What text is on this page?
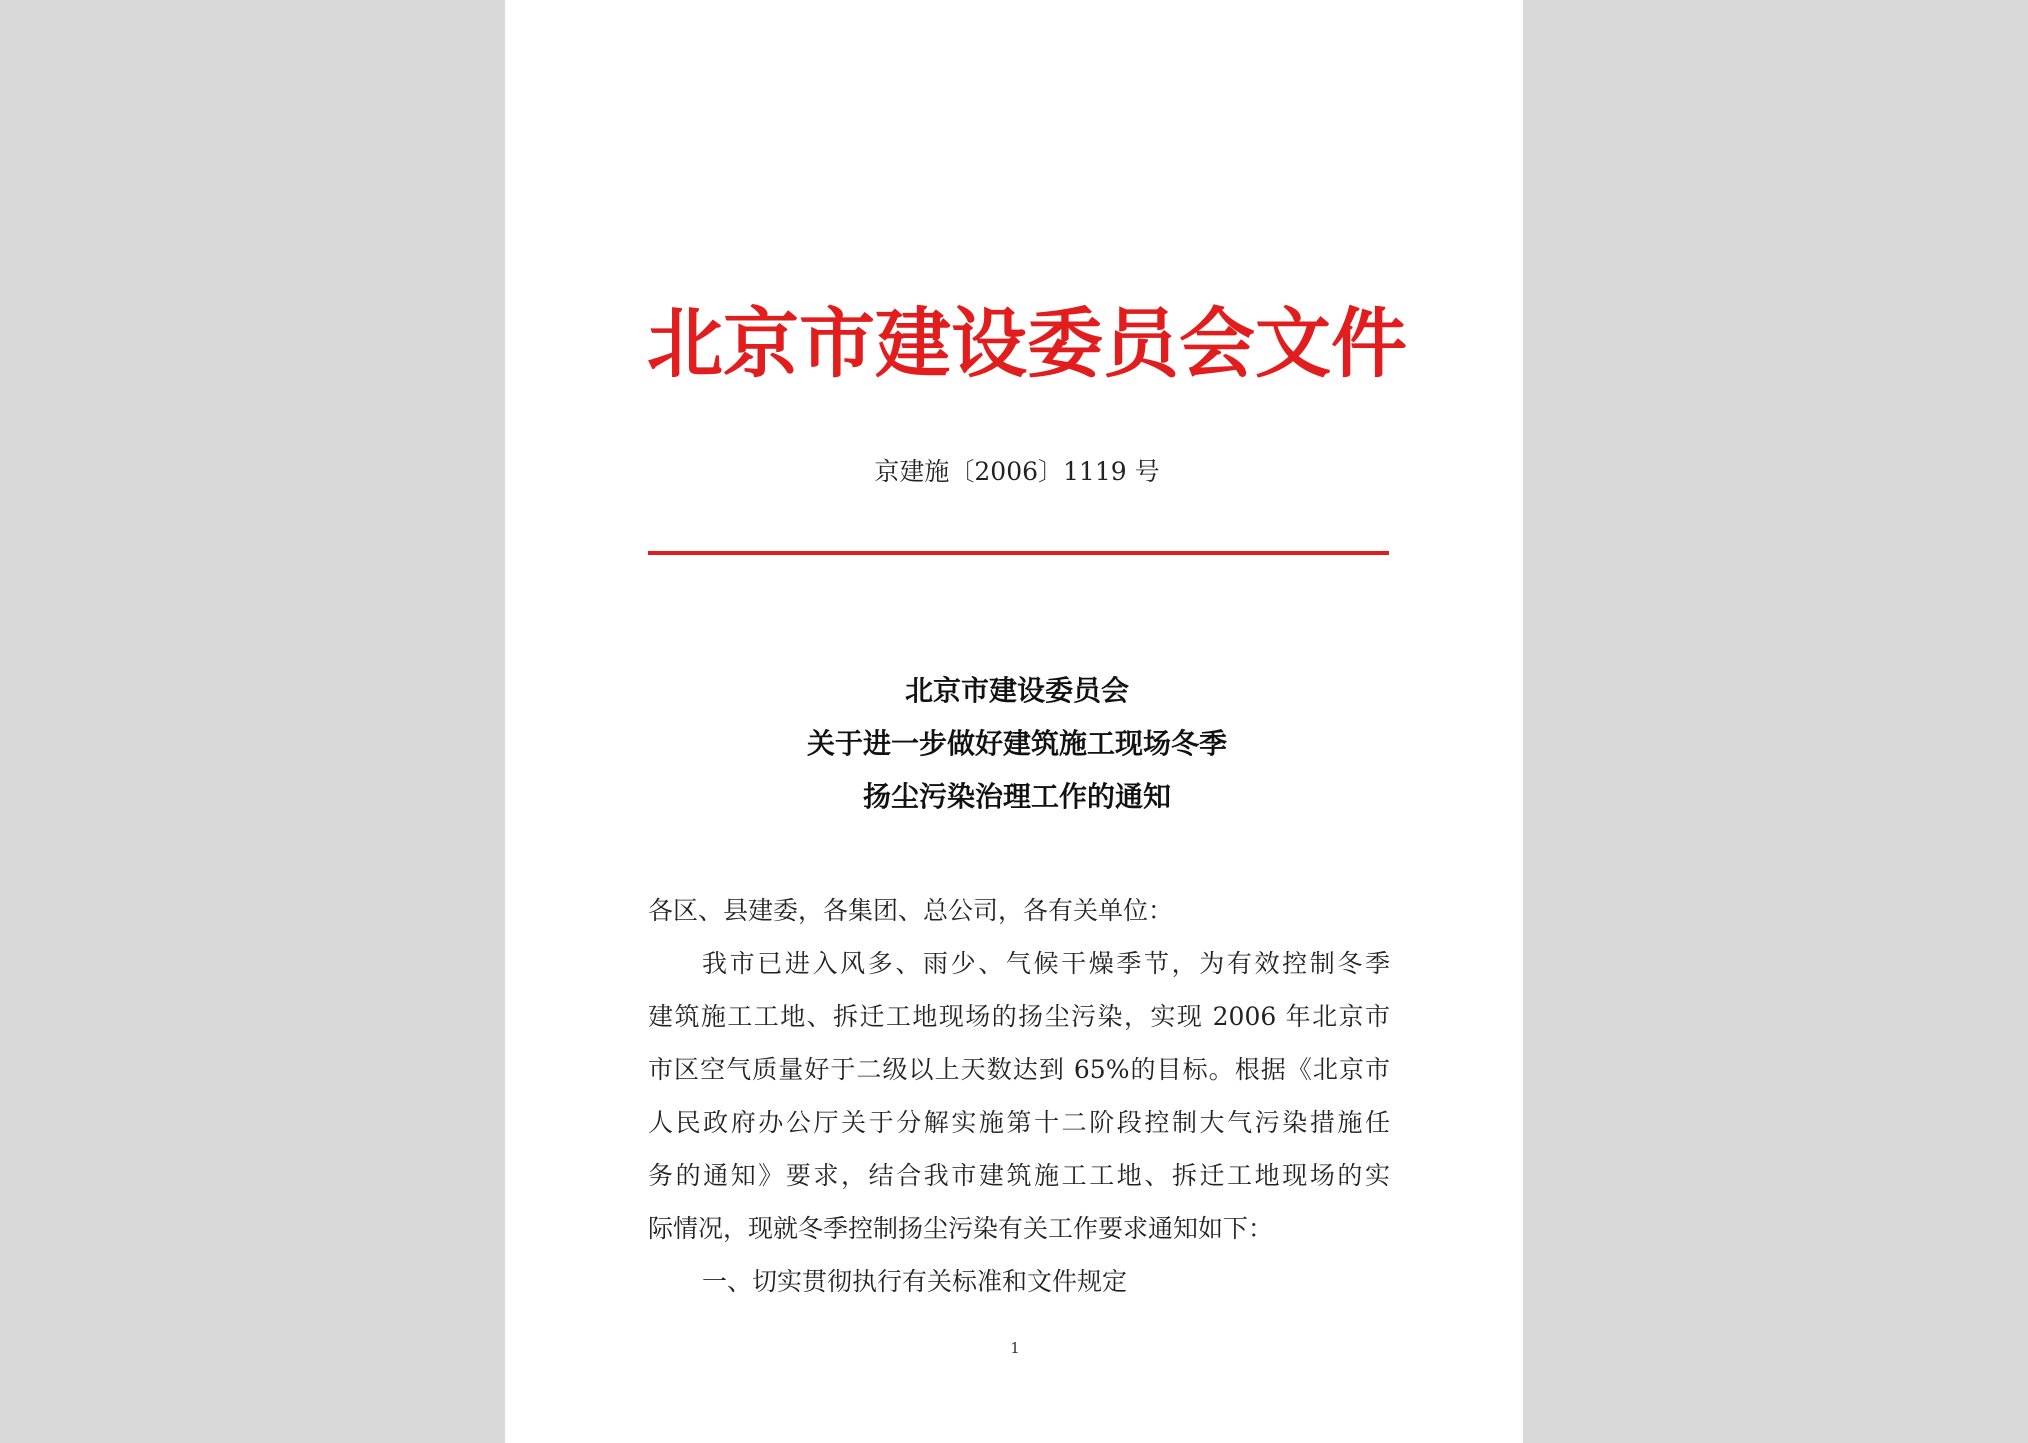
北京市建设委员会文件
京建施〔2006〕1119 号
北京市建设委员会
关于进一步做好建筑施工现场冬季
扬尘污染治理工作的通知
各区、县建委，各集团、总公司，各有关单位：
我市已进入风多、雨少、气候干燥季节，为有效控制冬季
建筑施工工地、拆迁工地现场的扬尘污染，实现 2006 年北京市
市区空气质量好于二级以上天数达到 65%的目标。根据《北京市
人民政府办公厅关于分解实施第十二阶段控制大气污染措施任
务的通知》要求，结合我市建筑施工工地、拆迁工地现场的实
际情况，现就冬季控制扬尘污染有关工作要求通知如下：
一、切实贯彻执行有关标准和文件规定
1
